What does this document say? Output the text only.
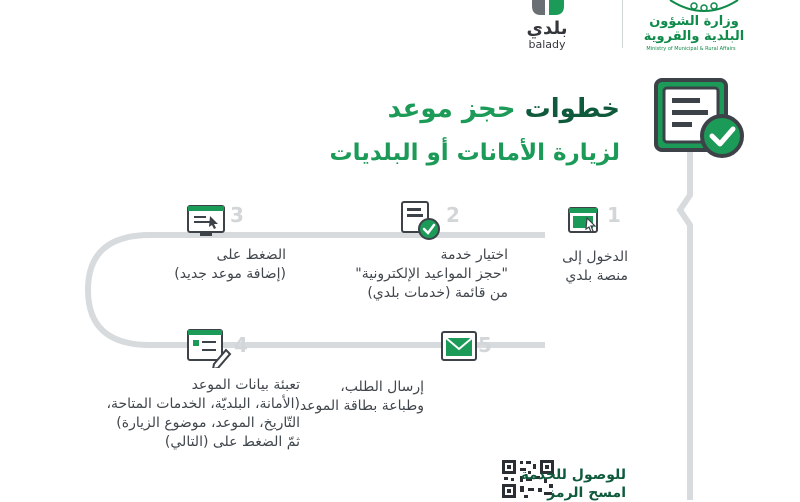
وزارة الشؤون البلدية والقروية
Ministry of Municipal & Rural Affairs
بلدي
balady
خطوات حجز موعد
لزيارة الأمانات أو البلديات
1
الدخول إلى
منصة بلدي
2
اختيار خدمة
"حجز المواعيد الإلكترونية"
من قائمة (خدمات بلدي)
3
الضغط على
(إضافة موعد جديد)
4
تعبئة بيانات الموعد
(الأمانة، البلديّة، الخدمات المتاحة،
التّاريخ، الموعد، موضوع الزيارة)
ثمّ الضغط على (التالي)
5
إرسال الطلب،
وطباعة بطاقة الموعد
للوصول للخدمة
امسح الرمز
